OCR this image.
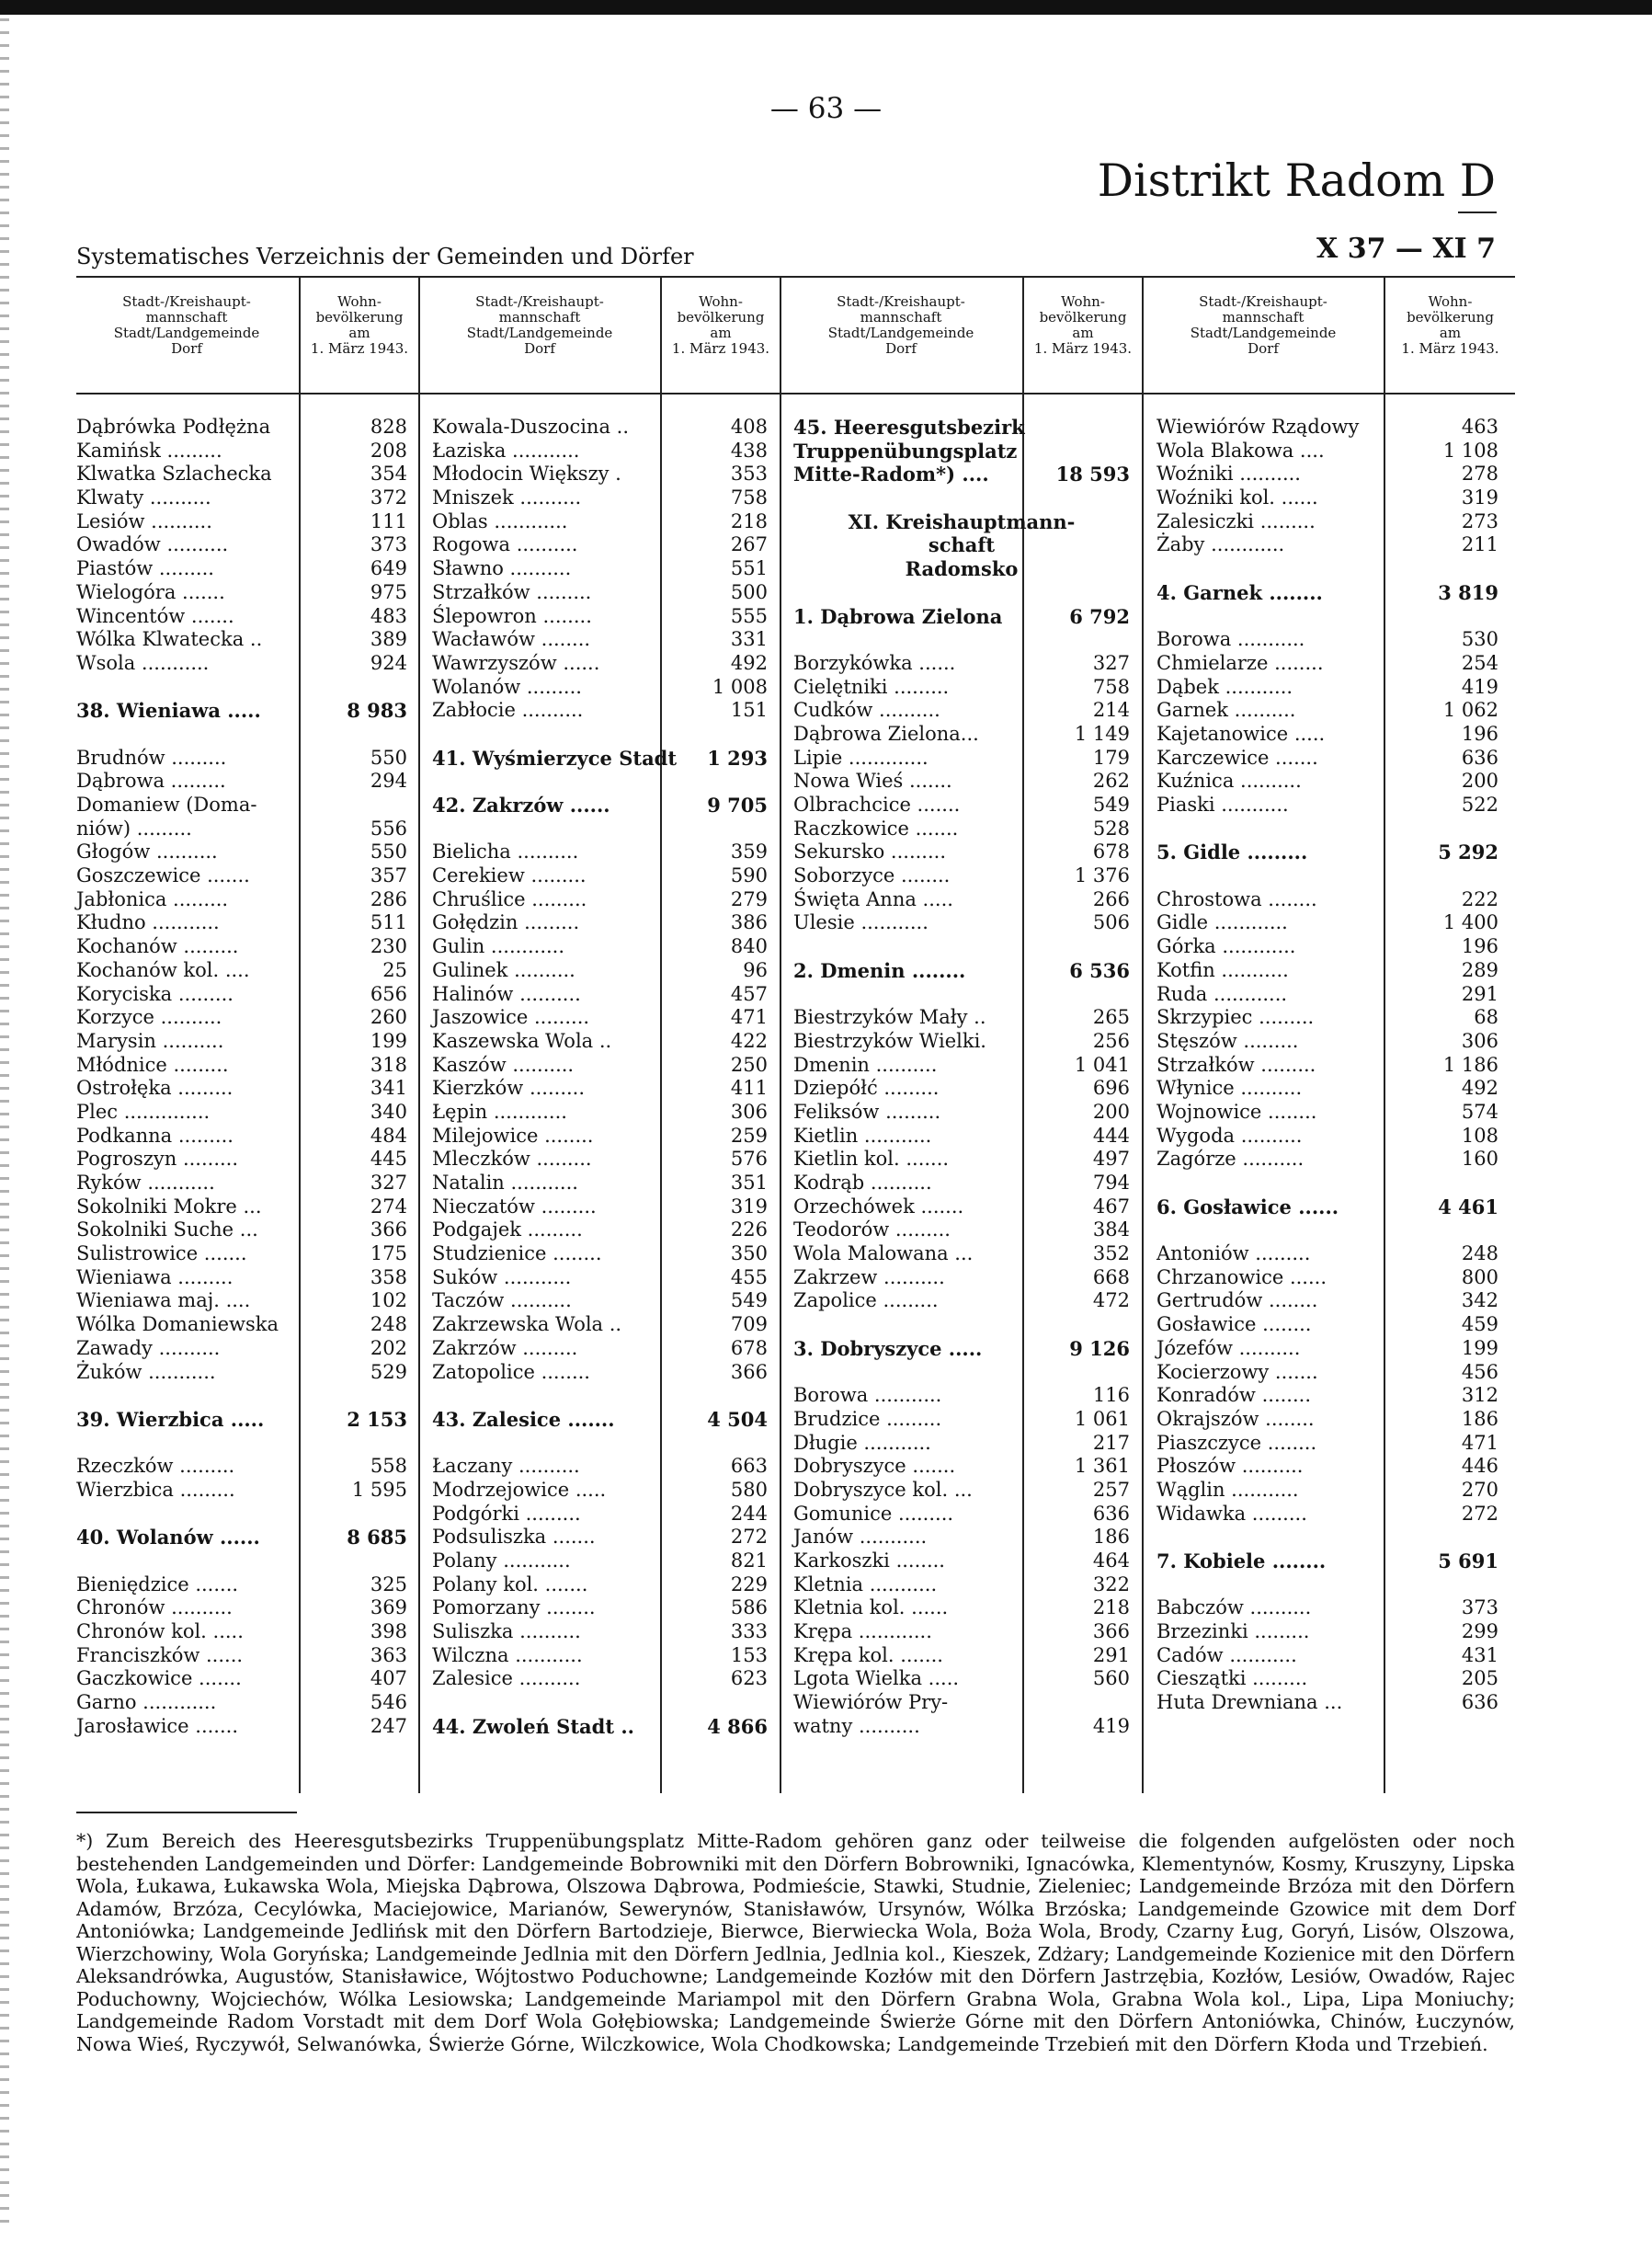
— 63 —
Distrikt Radom D
Systematisches Verzeichnis der Gemeinden und Dörfer	X 37 — XI 7
Stadt-/Kreishaupt-
mannschaft
Stadt/Landgemeinde
Dorf
Wohn-
bevölkerung
am
1. März 1943.
Stadt-/Kreishaupt-
mannschaft
Stadt/Landgemeinde
Dorf
Wohn-
bevölkerung
am
1. März 1943.
Stadt-/Kreishaupt-
mannschaft
Stadt/Landgemeinde
Dorf
Wohn-
bevölkerung
am
1. März 1943.
Stadt-/Kreishaupt-
mannschaft
Stadt/Landgemeinde
Dorf
Wohn-
bevölkerung
am
1. März 1943.
Dąbrówka Podłężna	828
Kamińsk .........	208
Klwatka Szlachecka	354
Klwaty ..........	372
Lesiów ..........	111
Owadów ..........	373
Piastów .........	649
Wielogóra .......	975
Wincentów .......	483
Wólka Klwatecka ..	389
Wsola ...........	924
38. Wieniawa .....	8 983
Brudnów .........	550
Dąbrowa .........	294
Domaniew (Doma-
niów) .........	556
Głogów ..........	550
Goszczewice .......	357
Jabłonica .........	286
Kłudno ...........	511
Kochanów .........	230
Kochanów kol. ....	25
Koryciska .........	656
Korzyce ..........	260
Marysin ..........	199
Młódnice .........	318
Ostrołęka .........	341
Plec ..............	340
Podkanna .........	484
Pogroszyn .........	445
Ryków ...........	327
Sokolniki Mokre ...	274
Sokolniki Suche ...	366
Sulistrowice .......	175
Wieniawa .........	358
Wieniawa maj. ....	102
Wólka Domaniewska	248
Zawady ..........	202
Żuków ...........	529
39. Wierzbica .....	2 153
Rzeczków .........	558
Wierzbica .........	1 595
40. Wolanów ......	8 685
Bieniędzice .......	325
Chronów ..........	369
Chronów kol. .....	398
Franciszków ......	363
Gaczkowice .......	407
Garno ............	546
Jarosławice .......	247
Kowala-Duszocina ..	408
Łaziska ...........	438
Młodocin Większy .	353
Mniszek ..........	758
Oblas ............	218
Rogowa ..........	267
Sławno ..........	551
Strzałków .........	500
Ślepowron ........	555
Wacławów ........	331
Wawrzyszów ......	492
Wolanów .........	1 008
Zabłocie ..........	151
41. Wyśmierzyce Stadt 1 293
42. Zakrzów ......	9 705
Bielicha ..........	359
Cerekiew .........	590
Chruślice .........	279
Gołędzin .........	386
Gulin ............	840
Gulinek ..........	96
Halinów ..........	457
Jaszowice .........	471
Kaszewska Wola ..	422
Kaszów ..........	250
Kierzków .........	411
Łępin ............	306
Milejowice ........	259
Mleczków .........	576
Natalin ...........	351
Nieczatów .........	319
Podgajek .........	226
Studzienice ........	350
Suków ...........	455
Taczów ..........	549
Zakrzewska Wola ..	709
Zakrzów .........	678
Zatopolice ........	366
43. Zalesice .......	4 504
Łaczany ..........	663
Modrzejowice .....	580
Podgórki .........	244
Podsuliszka .......	272
Polany ...........	821
Polany kol. .......	229
Pomorzany ........	586
Suliszka ..........	333
Wilczna ...........	153
Zalesice ..........	623
44. Zwoleń Stadt ..	4 866
45. Heeresgutsbezirk
Truppenübungsplatz
Mitte-Radom*) ....	18 593
XI. Kreishauptmann-
schaft
Radomsko
1. Dąbrowa Zielona	6 792
Borzykówka ......	327
Cielętniki .........	758
Cudków ..........	214
Dąbrowa Zielona...	1 149
Lipie .............	179
Nowa Wieś .......	262
Olbrachcice .......	549
Raczkowice .......	528
Sekursko .........	678
Soborzyce ........	1 376
Święta Anna .....	266
Ulesie ...........	506
2. Dmenin ........	6 536
Biestrzyków Mały ..	265
Biestrzyków Wielki.	256
Dmenin ..........	1 041
Dziepółć .........	696
Feliksów .........	200
Kietlin ...........	444
Kietlin kol. .......	497
Kodrąb ..........	794
Orzechówek .......	467
Teodorów .........	384
Wola Malowana ...	352
Zakrzew ..........	668
Zapolice .........	472
3. Dobryszyce .....	9 126
Borowa ...........	116
Brudzice .........	1 061
Długie ...........	217
Dobryszyce .......	1 361
Dobryszyce kol. ...	257
Gomunice .........	636
Janów ...........	186
Karkoszki ........	464
Kletnia ...........	322
Kletnia kol. ......	218
Krępa ............	366
Krępa kol. .......	291
Lgota Wielka .....	560
Wiewiórów Pry-
watny ..........	419
Wiewiórów Rządowy	463
Wola Blakowa ....	1 108
Woźniki ..........	278
Woźniki kol. ......	319
Zalesiczki .........	273
Żaby ............	211
4. Garnek ........	3 819
Borowa ...........	530
Chmielarze ........	254
Dąbek ...........	419
Garnek ..........	1 062
Kajetanowice .....	196
Karczewice .......	636
Kuźnica ..........	200
Piaski ...........	522
5. Gidle .........	5 292
Chrostowa ........	222
Gidle ............	1 400
Górka ............	196
Kotfin ...........	289
Ruda ............	291
Skrzypiec .........	68
Stęszów .........	306
Strzałków .........	1 186
Włynice ..........	492
Wojnowice ........	574
Wygoda ..........	108
Zagórze ..........	160
6. Gosławice ......	4 461
Antoniów .........	248
Chrzanowice ......	800
Gertrudów ........	342
Gosławice ........	459
Józefów ..........	199
Kocierzowy .......	456
Konradów ........	312
Okrajszów ........	186
Piaszczyce ........	471
Płoszów ..........	446
Wąglin ...........	270
Widawka .........	272
7. Kobiele ........	5 691
Babczów ..........	373
Brzezinki .........	299
Cadów ...........	431
Cieszątki .........	205
Huta Drewniana ...	636
*) Zum Bereich des Heeresgutsbezirks Truppenübungsplatz Mitte-Radom gehören ganz oder teilweise die folgenden aufgelösten oder noch bestehenden Landgemeinden und Dörfer: Landgemeinde Bobrowniki mit den Dörfern Bobrowniki, Ignacówka, Klementynów, Kosmy, Kruszyny, Lipska Wola, Łukawa, Łukawska Wola, Miejska Dąbrowa, Olszowa Dąbrowa, Podmieście, Stawki, Studnie, Zieleniec; Landgemeinde Brzóza mit den Dörfern Adamów, Brzóza, Cecylówka, Maciejowice, Marianów, Sewerynów, Stanisławów, Ursynów, Wólka Brzóska; Landgemeinde Gzowice mit dem Dorf Antoniówka; Landgemeinde Jedlińsk mit den Dörfern Bartodzieje, Bierwce, Bierwiecka Wola, Boża Wola, Brody, Czarny Ług, Goryń, Lisów, Olszowa, Wierzchowiny, Wola Goryńska; Landgemeinde Jedlnia mit den Dörfern Jedlnia, Jedlnia kol., Kieszek, Zdżary; Landgemeinde Kozienice mit den Dörfern Aleksandrówka, Augustów, Stanisławice, Wójtostwo Poduchowne; Landgemeinde Kozłów mit den Dörfern Jastrzębia, Kozłów, Lesiów, Owadów, Rajec Poduchowny, Wojciechów, Wólka Lesiowska; Landgemeinde Mariampol mit den Dörfern Grabna Wola, Grabna Wola kol., Lipa, Lipa Moniuchy; Landgemeinde Radom Vorstadt mit dem Dorf Wola Gołębiowska; Landgemeinde Świerże Górne mit den Dörfern Antoniówka, Chinów, Łuczynów, Nowa Wieś, Ryczywół, Selwanówka, Świerże Górne, Wilczkowice, Wola Chodkowska; Landgemeinde Trzebień mit den Dörfern Kłoda und Trzebień.
